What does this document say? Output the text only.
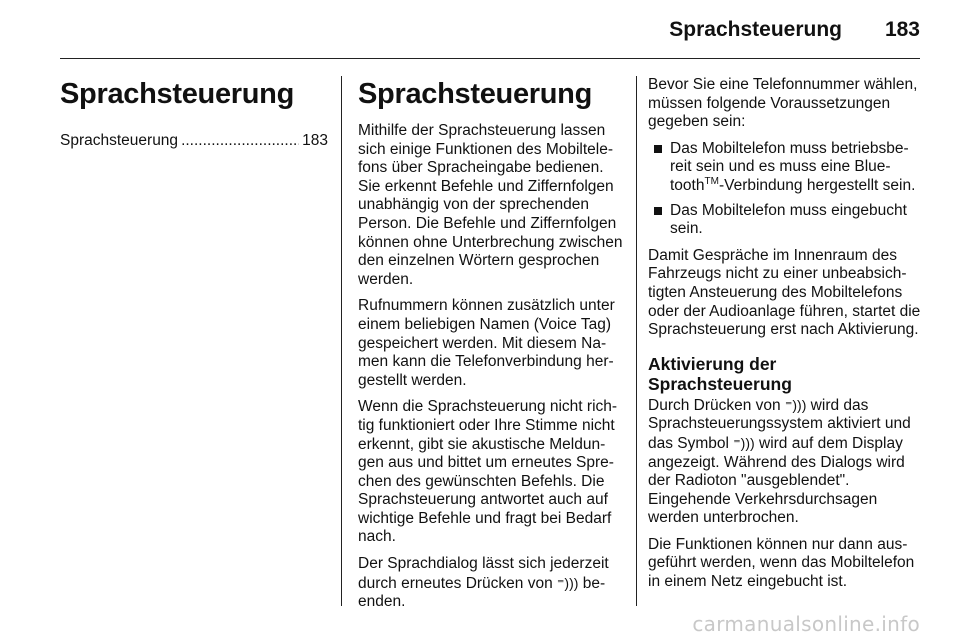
Sprachsteuerung 183
Sprachsteuerung
Sprachsteuerung
.....	183
Sprachsteuerung

Mithilfe der Sprachsteuerung lassen sich einige Funktionen des Mobiltelefons über Spracheingabe bedienen. Sie erkennt Befehle und Ziffernfolgen unabhängig von der sprechenden Person. Die Befehle und Ziffernfolgen können ohne Unterbrechung zwischen den einzelnen Wörtern gesprochen werden.

Rufnummern können zusätzlich unter einem beliebigen Namen (Voice Tag) gespeichert werden. Mit diesem Namen kann die Telefonverbindung hergestellt werden.

Wenn die Sprachsteuerung nicht richtig funktioniert oder Ihre Stimme nicht erkennt, gibt sie akustische Meldungen aus und bittet um erneutes Sprechen des gewünschten Befehls. Die Sprachsteuerung antwortet auch auf wichtige Befehle und fragt bei Bedarf nach.

Der Sprachdialog lässt sich jederzeit durch erneutes Drücken von ⁼))) beenden.

Bevor Sie eine Telefonnummer wählen, müssen folgende Voraussetzungen gegeben sein:

Das Mobiltelefon muss betriebsbereit sein und es muss eine Bluetooth™-Verbindung hergestellt sein.
Das Mobiltelefon muss eingebucht sein.

Damit Gespräche im Innenraum des Fahrzeugs nicht zu einer unbeabsichtigten Ansteuerung des Mobiltelefons oder der Audioanlage führen, startet die Sprachsteuerung erst nach Aktivierung.

Aktivierung der Sprachsteuerung

Durch Drücken von ⁼))) wird das Sprachsteuerungssystem aktiviert und das Symbol ⁼))) wird auf dem Display angezeigt. Während des Dialogs wird der Radioton "ausgeblendet". Eingehende Verkehrsdurchsagen werden unterbrochen.

Die Funktionen können nur dann ausgeführt werden, wenn das Mobiltelefon in einem Netz eingebucht ist.

carmanualsonline.info
